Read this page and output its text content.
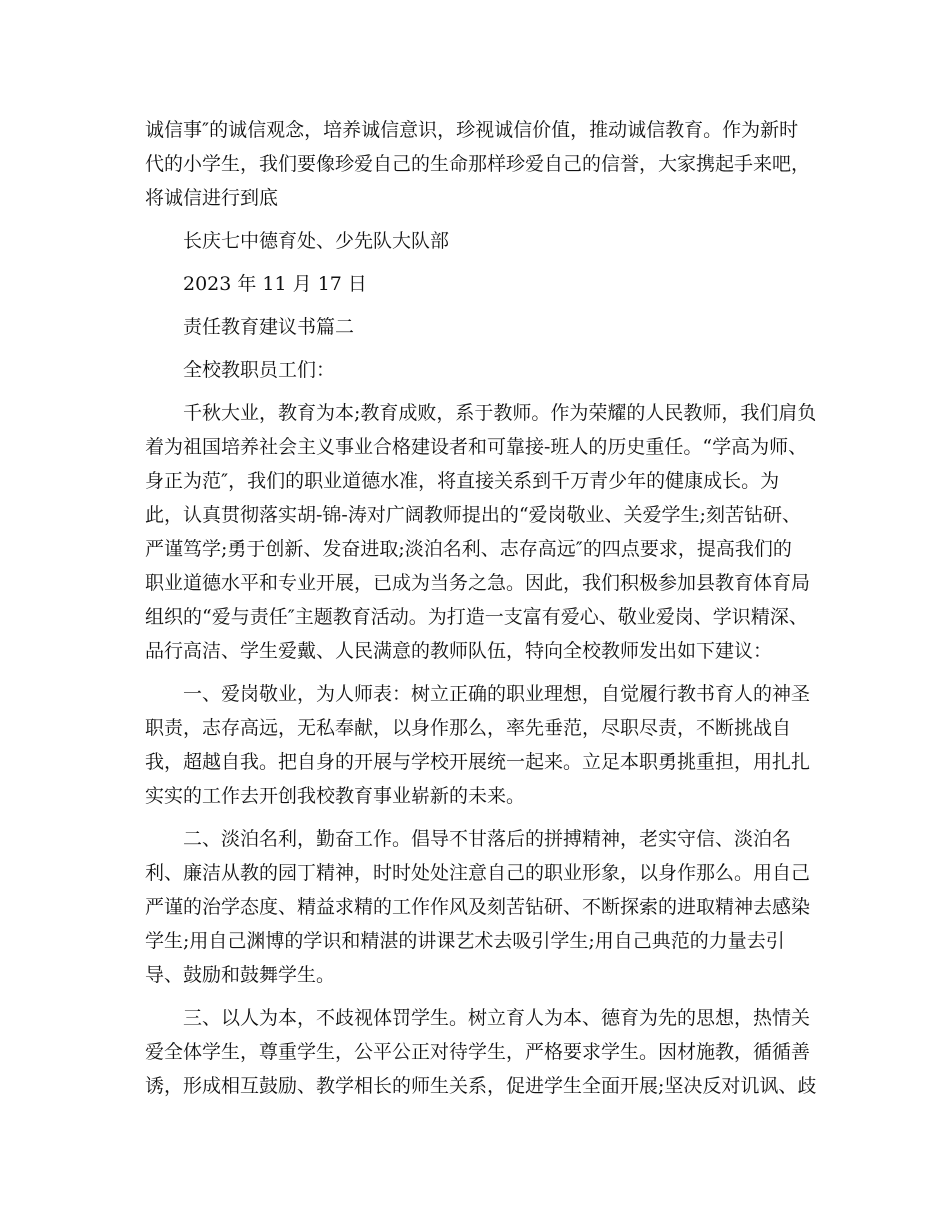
诚信事″的诚信观念，培养诚信意识，珍视诚信价值，推动诚信教育。作为新时
代的小学生，我们要像珍爱自己的生命那样珍爱自己的信誉，大家携起手来吧，
将诚信进行到底
长庆七中德育处、少先队大队部
2023 年 11 月 17 日
责任教育建议书篇二
全校教职员工们：
千秋大业，教育为本;教育成败，系于教师。作为荣耀的人民教师，我们肩负
着为祖国培养社会主义事业合格建设者和可靠接-班人的历史重任。“学高为师、
身正为范″，我们的职业道德水准，将直接关系到千万青少年的健康成长。为
此，认真贯彻落实胡-锦-涛对广阔教师提出的“爱岗敬业、关爱学生;刻苦钻研、
严谨笃学;勇于创新、发奋进取;淡泊名利、志存高远″的四点要求，提高我们的
职业道德水平和专业开展，已成为当务之急。因此，我们积极参加县教育体育局
组织的“爱与责任″主题教育活动。为打造一支富有爱心、敬业爱岗、学识精深、
品行高洁、学生爱戴、人民满意的教师队伍，特向全校教师发出如下建议：
一、爱岗敬业，为人师表：树立正确的职业理想，自觉履行教书育人的神圣
职责，志存高远，无私奉献，以身作那么，率先垂范，尽职尽责，不断挑战自
我，超越自我。把自身的开展与学校开展统一起来。立足本职勇挑重担，用扎扎
实实的工作去开创我校教育事业崭新的未来。
二、淡泊名利，勤奋工作。倡导不甘落后的拼搏精神，老实守信、淡泊名
利、廉洁从教的园丁精神，时时处处注意自己的职业形象，以身作那么。用自己
严谨的治学态度、精益求精的工作作风及刻苦钻研、不断探索的进取精神去感染
学生;用自己渊博的学识和精湛的讲课艺术去吸引学生;用自己典范的力量去引
导、鼓励和鼓舞学生。
三、以人为本，不歧视体罚学生。树立育人为本、德育为先的思想，热情关
爱全体学生，尊重学生，公平公正对待学生，严格要求学生。因材施教，循循善
诱，形成相互鼓励、教学相长的师生关系，促进学生全面开展;坚决反对讥讽、歧
